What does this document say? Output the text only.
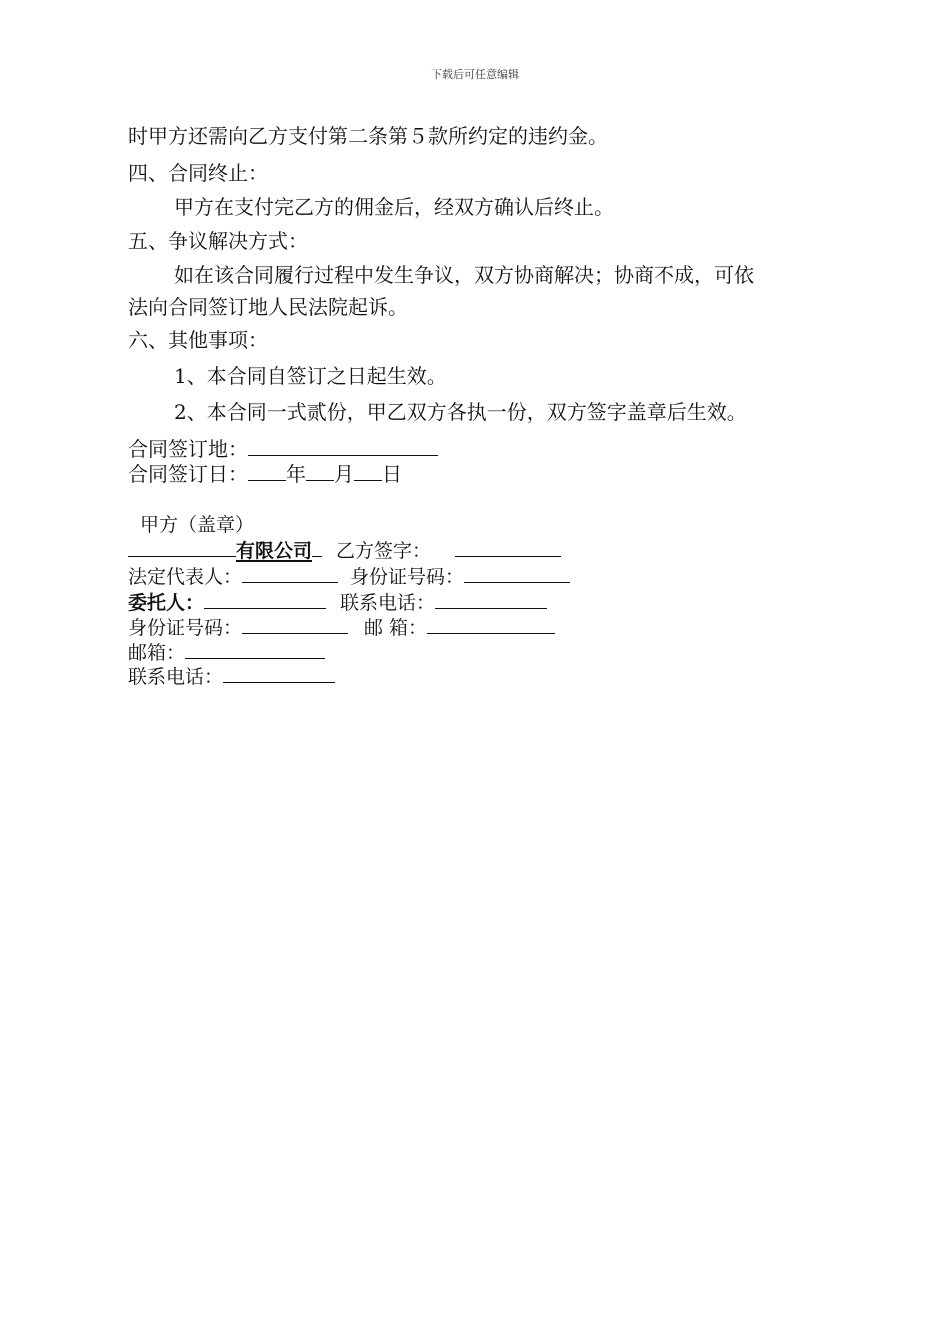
下载后可任意编辑
时甲方还需向乙方支付第二条第５款所约定的违约金。
四、合同终止：
甲方在支付完乙方的佣金后，经双方确认后终止。
五、争议解决方式：
如在该合同履行过程中发生争议，双方协商解决；协商不成，可依
法向合同签订地人民法院起诉。
六、其他事项：
1、本合同自签订之日起生效。
2、本合同一式贰份，甲乙双方各执一份，双方签字盖章后生效。
合同签订地：
合同签订日： 年 月 日
甲方（盖章）
有限公司 乙方签字：
法定代表人：	身份证号码：
委托人：	联系电话：
身份证号码：	邮 箱：
邮箱：
联系电话：
